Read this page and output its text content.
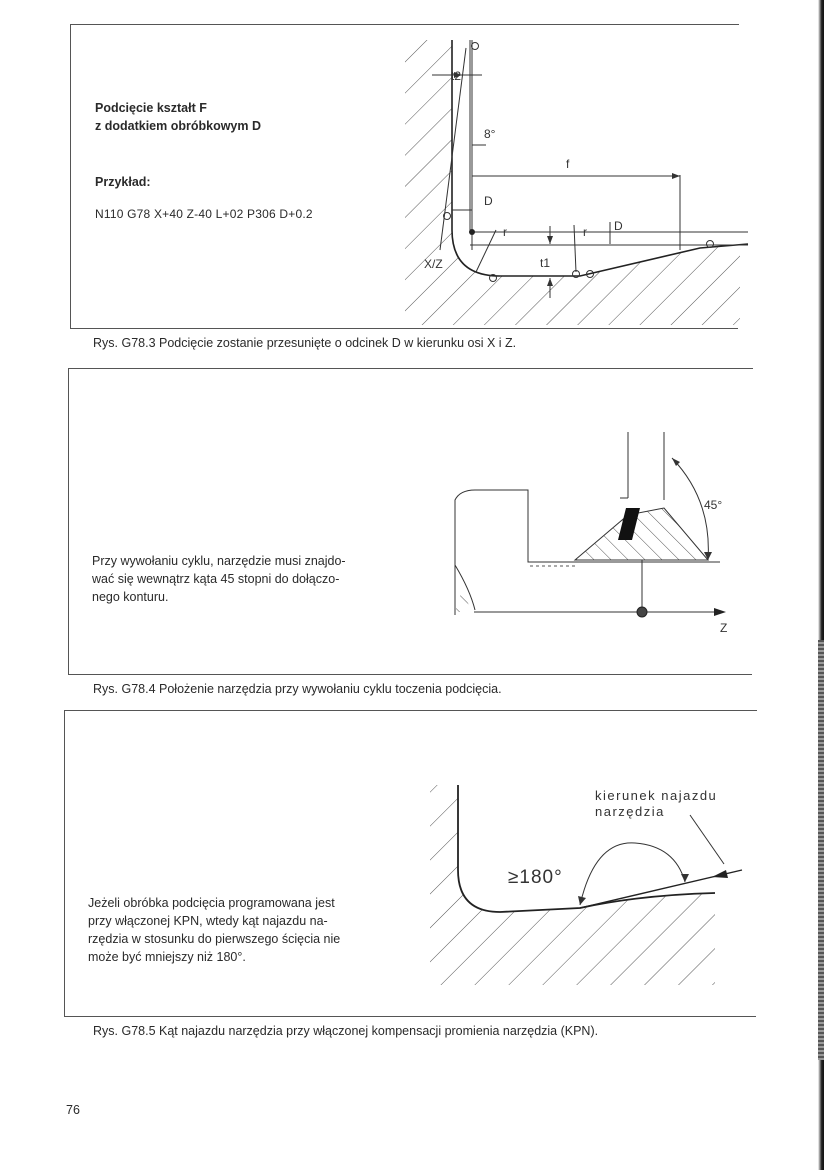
Podcięcie kształt F
z dodatkiem obróbkowym D
Przykład:
N110 G78 X+40 Z-40 L+02 P306 D+0.2
t2
8°
f
D
D
r	r
t1
X/Z
Rys. G78.3 Podcięcie zostanie przesunięte o odcinek D w kierunku osi X i Z.
Przy wywołaniu cyklu, narzędzie musi znajdo-
wać się wewnątrz kąta 45 stopni do dołączo-
nego konturu.
45°
Z
Rys. G78.4 Położenie narzędzia przy wywołaniu cyklu toczenia podcięcia.
Jeżeli obróbka podcięcia programowana jest
przy włączonej KPN, wtedy kąt najazdu na-
rzędzia w stosunku do pierwszego ścięcia nie
może być mniejszy niż 180°.
kierunek najazdu
narzędzia
≥180°
Rys. G78.5 Kąt najazdu narzędzia przy włączonej kompensacji promienia narzędzia (KPN).
76
